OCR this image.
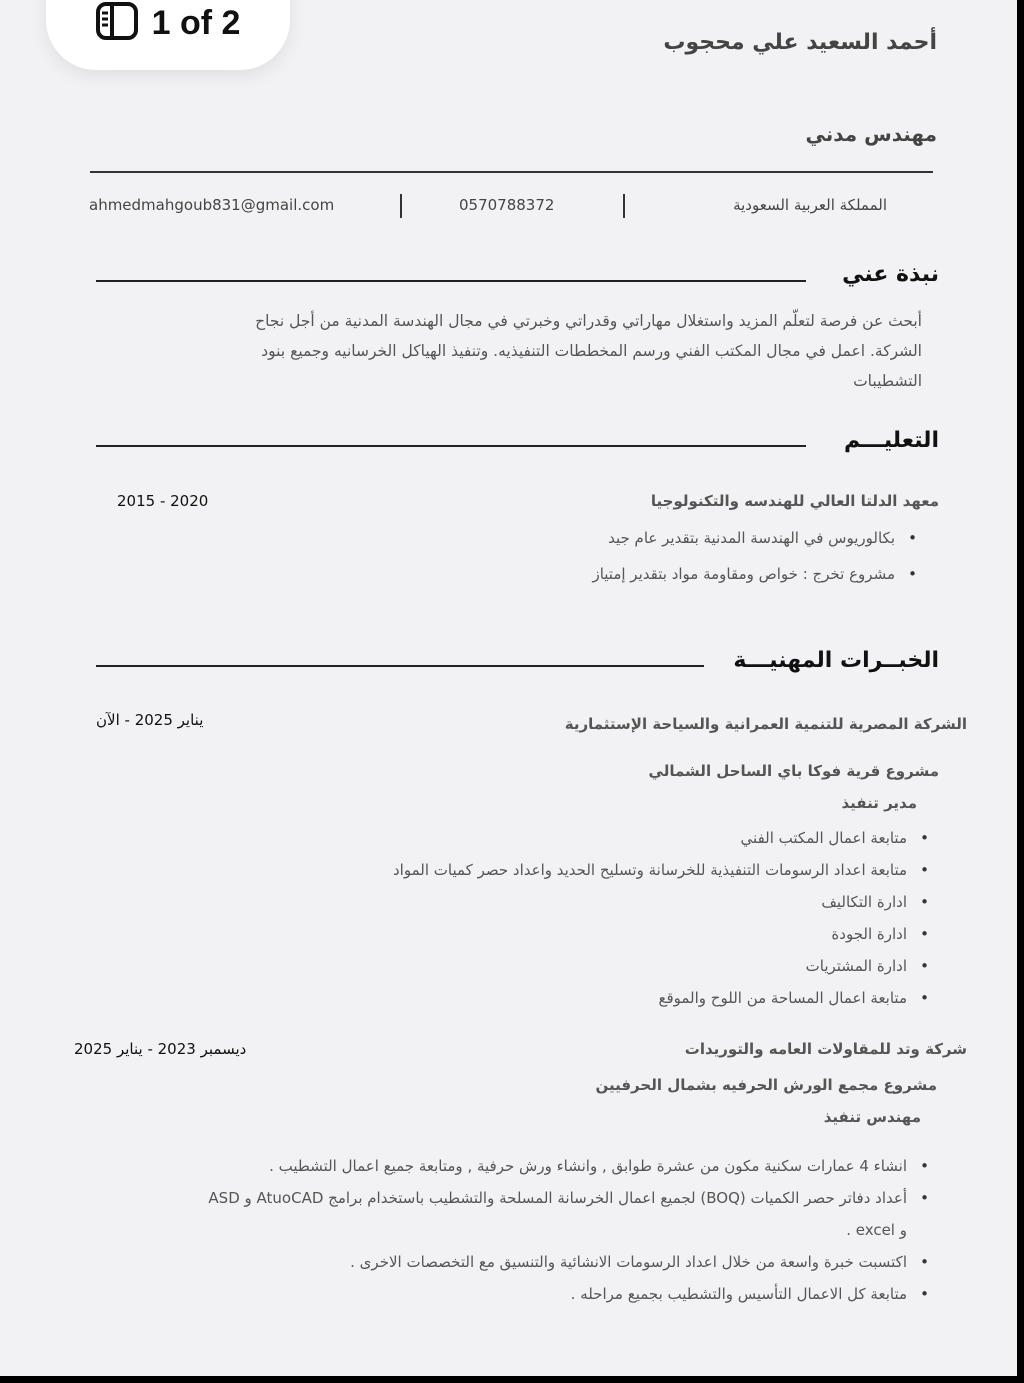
1 of 2
أحمد السعيد علي محجوب
مهندس مدني
المملكة العربية السعودية
0570788372
ahmedmahgoub831@gmail.com
نبذة عني
أبحث عن فرصة لتعلّم المزيد واستغلال مهاراتي وقدراتي وخبرتي في مجال الهندسة المدنية من أجل نجاح
الشركة. اعمل في مجال المكتب الفني ورسم المخططات التنفيذيه. وتنفيذ الهياكل الخرسانيه وجميع بنود
التشطيبات
التعليـــم
معهد الدلتا العالي للهندسه والتكنولوجيا
2015 - 2020
• بكالوريوس في الهندسة المدنية بتقدير عام جيد
• مشروع تخرج : خواص ومقاومة مواد بتقدير إمتياز
الخبــرات المهنيـــة
الشركة المصرية للتنمية العمرانية والسياحة الإستثمارية
يناير 2025 - الآن
مشروع قرية فوكا باي الساحل الشمالي
مدير تنفيذ
• متابعة اعمال المكتب الفني
• متابعة اعداد الرسومات التنفيذية للخرسانة وتسليح الحديد واعداد حصر كميات المواد
• ادارة التكاليف
• ادارة الجودة
• ادارة المشتريات
• متابعة اعمال المساحة من اللوح والموقع
شركة وتد للمقاولات العامه والتوريدات
ديسمبر 2023 - يناير 2025
مشروع مجمع الورش الحرفيه بشمال الحرفيين
مهندس تنفيذ
• انشاء 4 عمارات سكنية مكون من عشرة طوابق , وانشاء ورش حرفية , ومتابعة جميع اعمال التشطيب .
• أعداد دفاتر حصر الكميات (BOQ) لجميع اعمال الخرسانة المسلحة والتشطيب باستخدام برامج AtuoCAD و ASD
و excel .
• اكتسبت خبرة واسعة من خلال اعداد الرسومات الانشائية والتنسيق مع التخصصات الاخرى .
• متابعة كل الاعمال التأسيس والتشطيب بجميع مراحله .
